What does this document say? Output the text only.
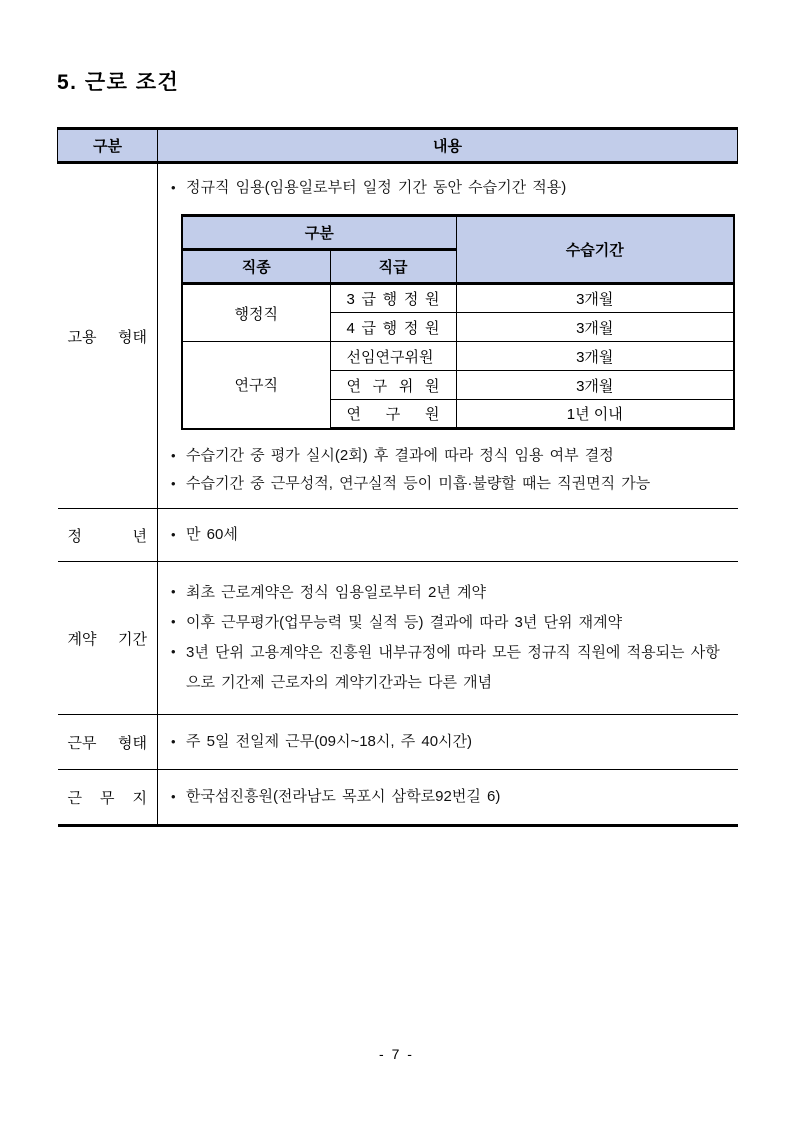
5. 근로 조건
구분	내용
고용 형태	
• 정규직 임용(임용일로부터 일정 기간 동안 수습기간 적용)
구분	수습기간
직종	직급
행정직	3 급 행 정 원	3개월
4 급 행 정 원	3개월
연구직	선임연구위원	3개월
연 구 위 원	3개월
연 구 원	1년 이내
• 수습기간 중 평가 실시(2회) 후 결과에 따라 정식 임용 여부 결정
• 수습기간 중 근무성적, 연구실적 등이 미흡·불량할 때는 직권면직 가능

정 년	
•만 60세

계약 기간	
• 최초 근로계약은 정식 임용일로부터 2년 계약
• 이후 근무평가(업무능력 및 실적 등) 결과에 따라 3년 단위 재계약
• 3년 단위 고용계약은 진흥원 내부규정에 따라 모든 정규직 직원에 적용되는 사항으로 기간제 근로자의 계약기간과는 다른 개념

근무 형태	
•주 5일 전일제 근무(09시~18시, 주 40시간)

근 무 지	
•한국섬진흥원(전라남도 목포시 삼학로92번길 6)
- 7 -
